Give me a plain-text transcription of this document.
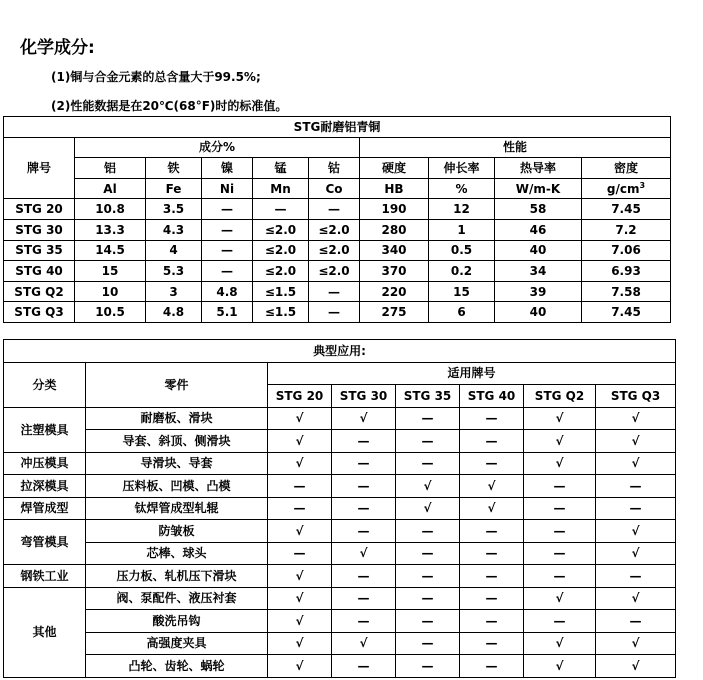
化学成分:
(1)铜与合金元素的总含量大于99.5%;
(2)性能数据是在20℃(68°F)时的标准值。
STG耐磨铝青铜									
牌号	成分%					性能			
	铝	铁	镍	锰	钴	硬度	伸长率	热导率	密度
	Al	Fe	Ni	Mn	Co	HB	%	W/m-K	$g/cm^3$
STG 20	10.8	3.5	—	—	—	190	12	58	7.45
STG 30	13.3	4.3	—	≤2.0	≤2.0	280	1	46	7.2
STG 35	14.5	4	—	≤2.0	≤2.0	340	0.5	40	7.06
STG 40	15	5.3	—	≤2.0	≤2.0	370	0.2	34	6.93
STG Q2	10	3	4.8	≤1.5	—	220	15	39	7.58
STG Q3	10.5	4.8	5.1	≤1.5	—	275	6	40	7.45
典型应用:							
分类	零件	适用牌号					
		STG 20	STG 30	STG 35	STG 40	STG Q2	STG Q3
注塑模具	耐磨板、滑块	√	√	—	—	√	√
	导套、斜顶、侧滑块	√	—	—	—	√	√
冲压模具	导滑块、导套	√	—	—	—	√	√
拉深模具	压料板、凹模、凸模	—	—	√	√	—	—
焊管成型	钛焊管成型轧辊	—	—	√	√	—	—
弯管模具	防皱板	√	—	—	—	—	√
	芯棒、球头	—	√	—	—	—	√
钢铁工业	压力板、轧机压下滑块	√	—	—	—	—	—
其他	阀、泵配件、液压衬套	√	—	—	—	√	√
	酸洗吊钩	√	—	—	—	—	—
	高强度夹具	√	√	—	—	√	√
	凸轮、齿轮、蜗轮	√	—	—	—	√	√
